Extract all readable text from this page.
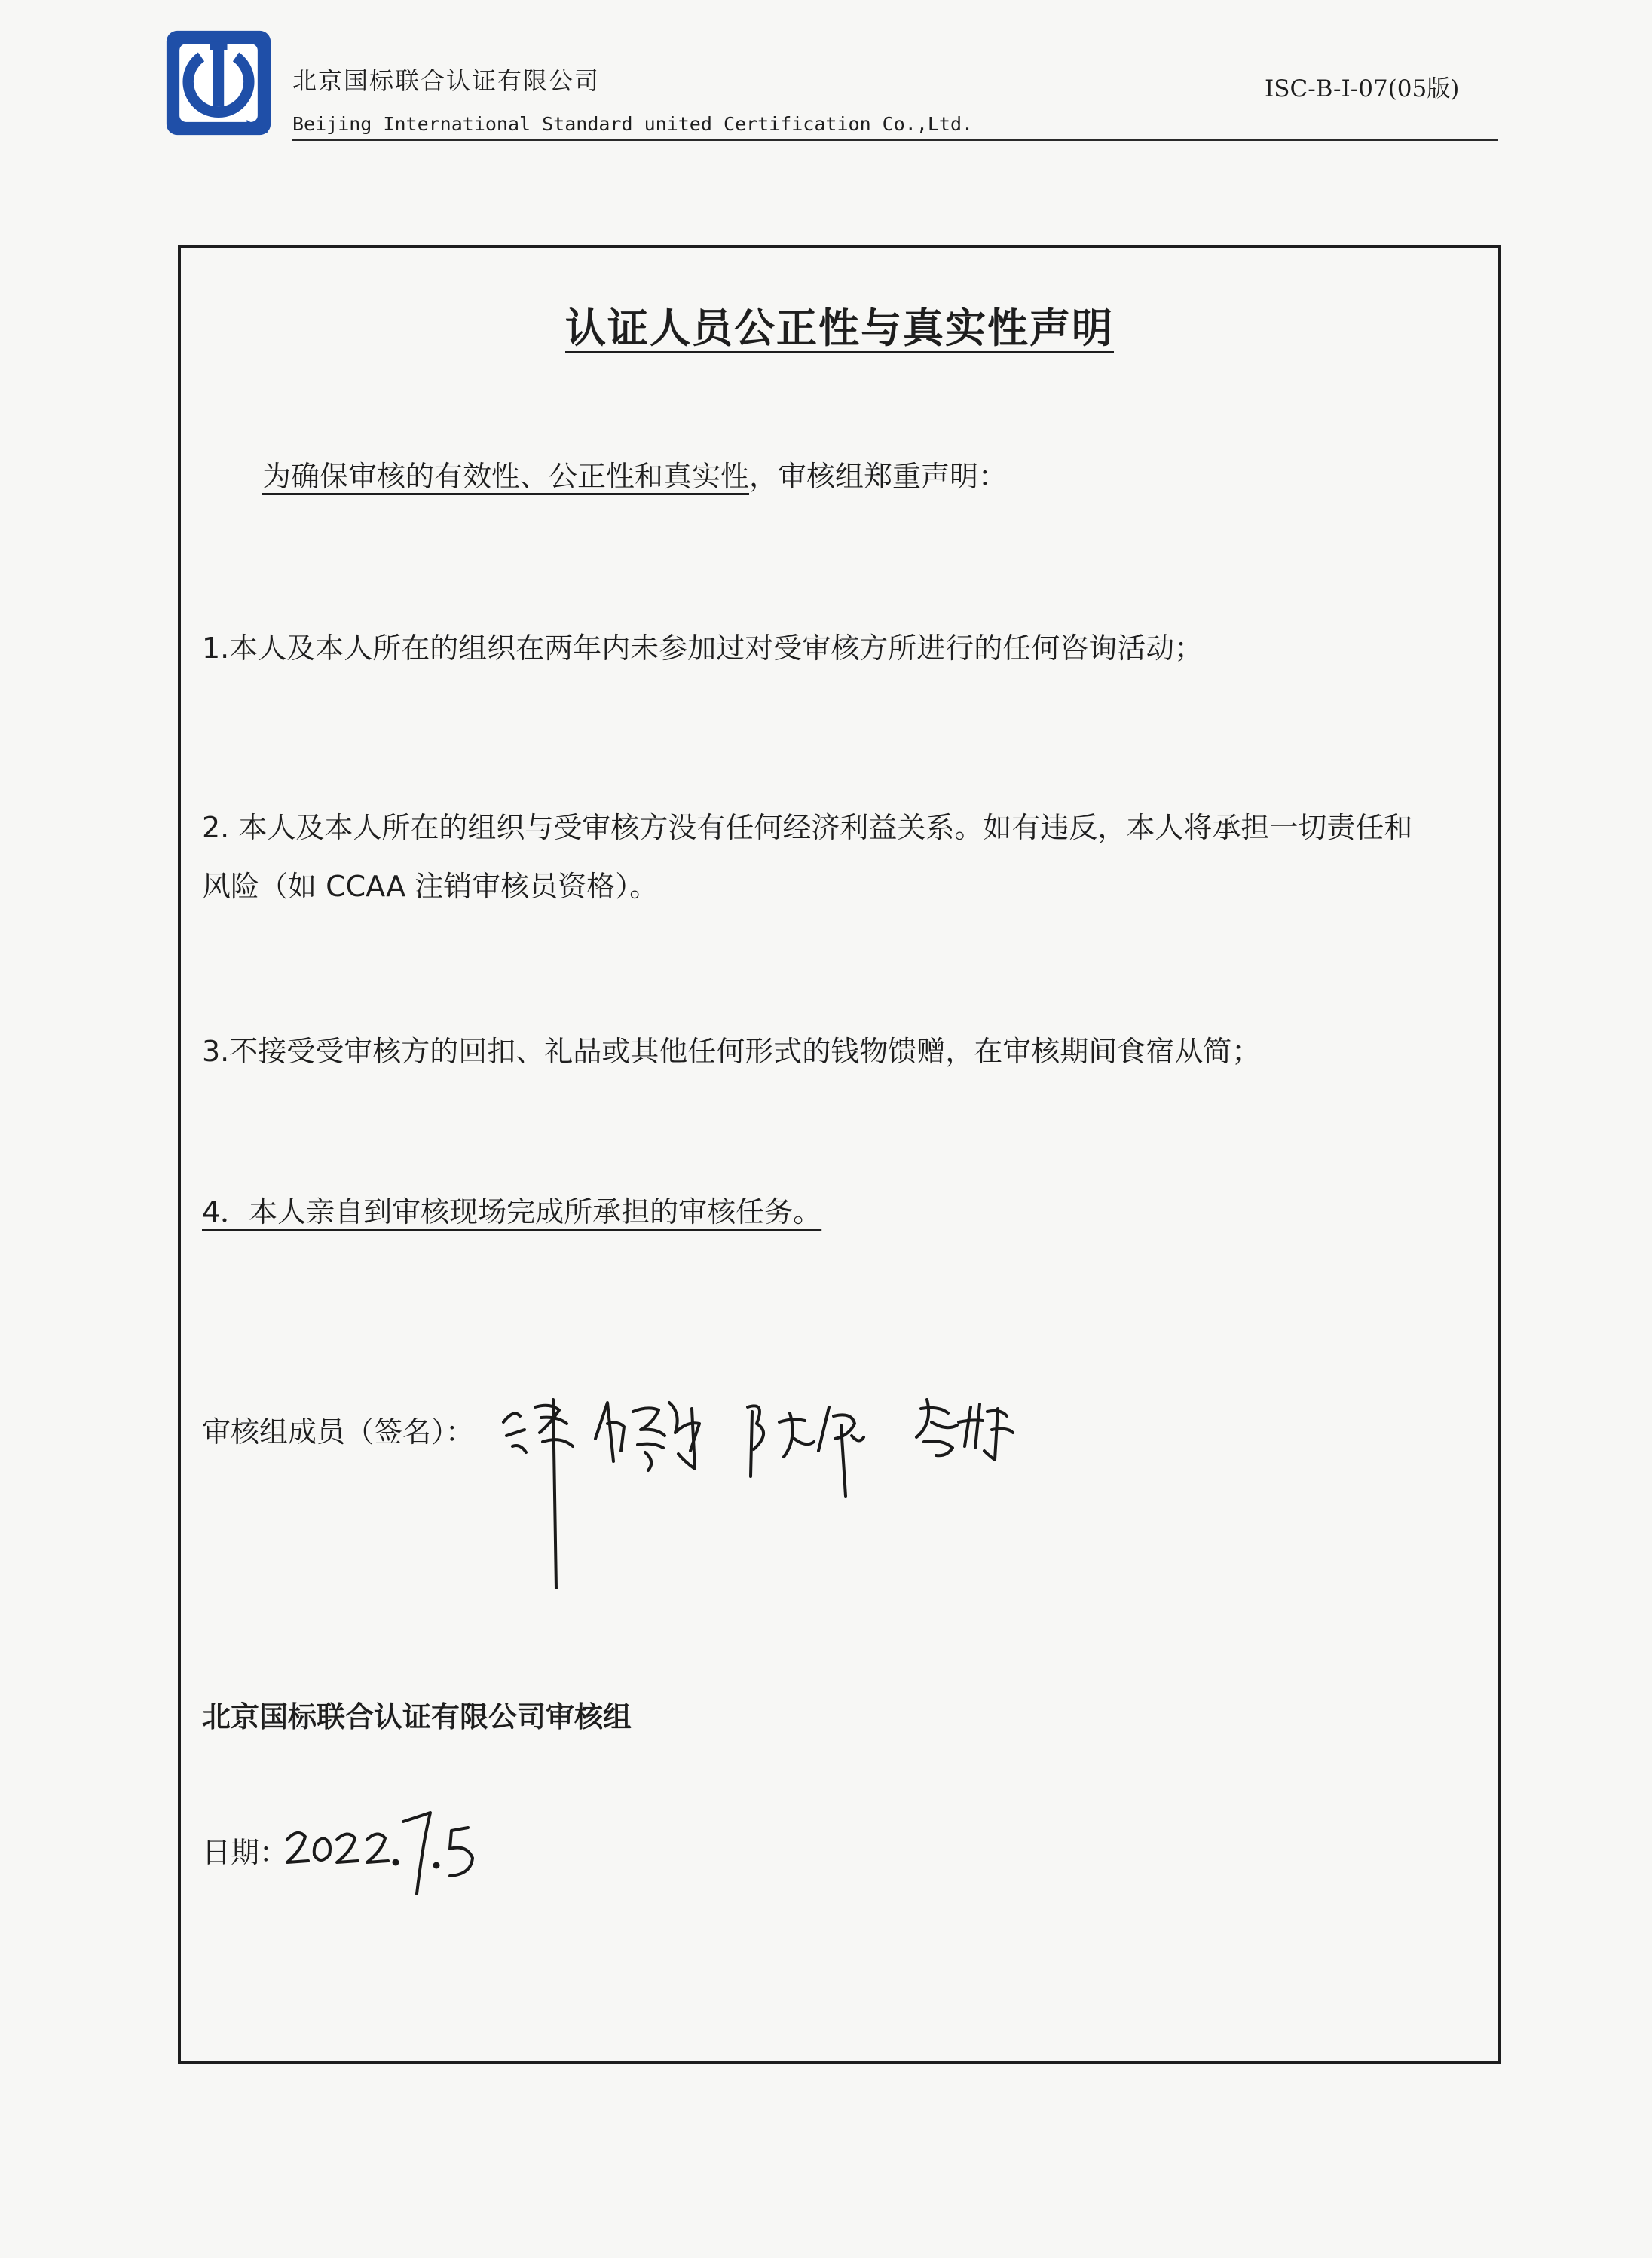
北京国标联合认证有限公司
Beijing International Standard united Certification Co.,Ltd.
ISC-B-I-07(05版)
认证人员公正性与真实性声明
为确保审核的有效性、公正性和真实性，审核组郑重声明：
1.本人及本人所在的组织在两年内未参加过对受审核方所进行的任何咨询活动；
2. 本人及本人所在的组织与受审核方没有任何经济利益关系。如有违反，本人将承担一切责任和
风险（如 CCAA 注销审核员资格）。
3.不接受受审核方的回扣、礼品或其他任何形式的钱物馈赠，在审核期间食宿从简；
4．本人亲自到审核现场完成所承担的审核任务。
审核组成员（签名）：
北京国标联合认证有限公司审核组
日期：
